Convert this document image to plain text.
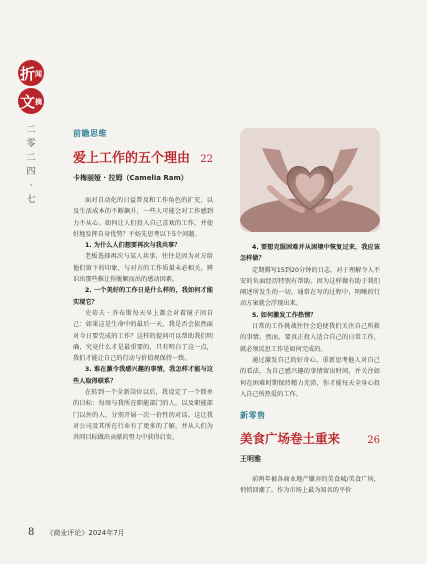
折 闻
文 摘
二
零
二
四
·
七
前瞻思维
爱上工作的五个理由 22
卡梅丽娅 · 拉姆（Camelia Ram）

面对自动化的日益普及和工作角色的扩充，以及生活成本的不断飙升，一些人可能会对工作感到力不从心。如何让人们投入自己喜欢的工作，并使好地发挥自身优势？不妨先思考以下5个问题。

1. 为什么人们想要再次与我共事？

老板选择再次与某人共事，往往是因为对方给他们留下的印象，与对方的工作质量未必相关。辨识出那些推让你脱颖而出的感动因素。

2. 一个美好的工作日是什么样的，我如何才能实现它？

史蒂夫 · 乔布斯每天早上都会对着镜子问自己：如果这是生命中的最后一天，我是否会依然面对今日要完成的工作？这样的提问可以帮助我们明确，究竟什么才是最重要的，只有明白了这一点，我们才能让自己的行动与价值观保持一致。

3. 谁在激令我感兴趣的事情，我怎样才能与这些人取得联系？

在转到一个全新岗位以后，我设定了一个简单的目标：每周与我所在职能部门的人，以及职能部门以外的人，分别开展一次一价性的对话。这让我对公司及其所在行业有了更多的了解，并从人们为共同目标做出贡献的努力中获得启发。

4. 要想克服困难并从困境中恢复过来，我应该怎样做？

定期腾写15到20分钟的日志，对于理解令人不安的负面经历特别有帮助。因为这样做有助于我们阐述所发生的一切，通常在写的过程中，明晰的行动方案就会浮现出来。

5. 如何激发工作热情？

日常的工作挑战往往会迫使我们关注自己所救的事情。然而，要真正投入适合自己的日常工作，就必须反思工作是如何完成的。

通过激发自己的好奇心，重新思考他人对自己的看法，为自己感兴趣的事情留出时间，并关注如何在困难时期保持精力充沛，你才能每天全身心投入自己所热爱的工作。

新零售
美食广场卷土重来	26
王明雅

前两年被各商业地产嫌弃的美食城/美食广场，悄悄回潮了。作为市场上最为知名的平价

8 《商业评论》2024年7月
